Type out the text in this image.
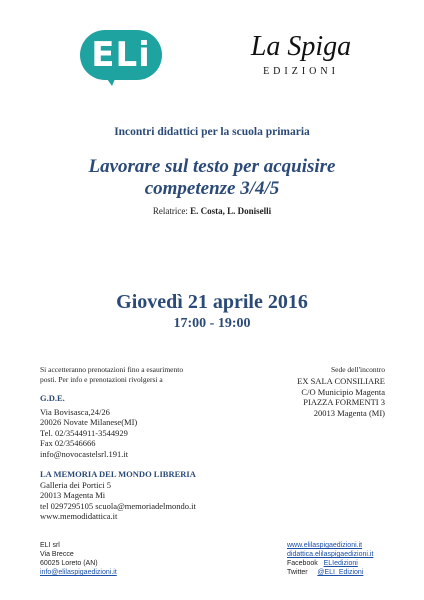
ELi	La Spiga
EDIZIONI
Incontri didattici per la scuola primaria
Lavorare sul testo per acquisire
competenze 3/4/5
Relatrice: E. Costa, L. Doniselli
Giovedì 21 aprile 2016
17:00 - 19:00

Si accetteranno prenotazioni fino a esaurimento

posti. Per info e prenotazioni rivolgersi a

G.D.E.

Via Bovisasca,24/26

20026 Novate Milanese(MI)

Tel. 02/3544911-3544929

Fax 02/3546666

info@novocastelsrl.191.it

LA MEMORIA DEL MONDO LIBRERIA

Galleria dei Portici 5

20013 Magenta Mi

tel 0297295105 scuola@memoriadelmondo.it

www.memodidattica.it

Sede dell'incontro

EX SALA CONSILIARE

C/O Municipio Magenta

PIAZZA FORMENTI 3

20013 Magenta (MI)

ELI srl

Via Brecce

60025 Loreto (AN)

info@elilaspigaedizioni.it

www.elilaspigaedizioni.it

didattica.elilaspigaedizioni.it

Facebook ELIedizioni

Twitter @ELI_Edizioni
